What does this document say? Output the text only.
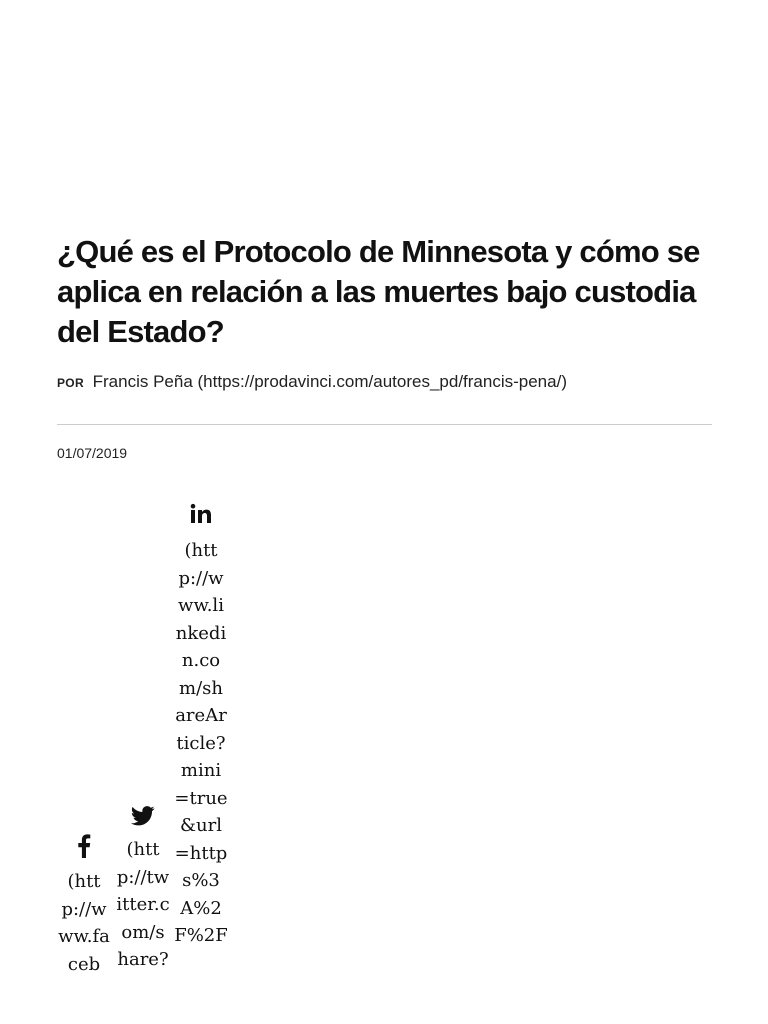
¿Qué es el Protocolo de Minnesota y cómo se aplica en relación a las muertes bajo custodia del Estado?
POR Francis Peña (https://prodavinci.com/autores_pd/francis-pena/)
01/07/2019
(http://www.linkedin.com/shareArticle?mini=true&url=https%3A%2F%2F
(http://twitter.com/share?
(http://www.faceb
